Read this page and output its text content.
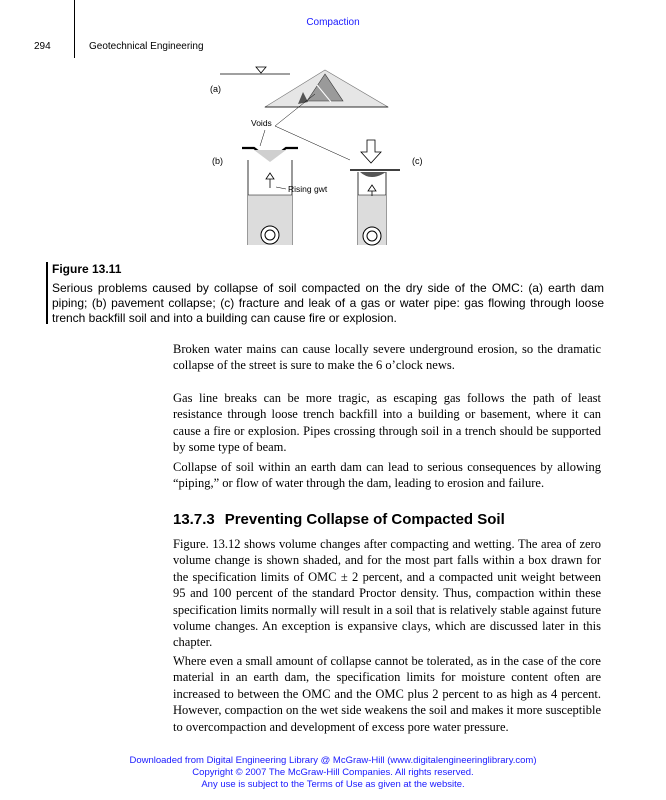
Compaction
294	Geotechnical Engineering
(a)
Voids
(b)
Rising gwt
(c)
Figure 13.11
Serious problems caused by collapse of soil compacted on the dry side of the OMC: (a) earth dam piping; (b) pavement collapse; (c) fracture and leak of a gas or water pipe: gas flowing through loose trench backfill soil and into a building can cause fire or explosion.

Broken water mains can cause locally severe underground erosion, so the dramatic collapse of the street is sure to make the 6 o’clock news.

Gas line breaks can be more tragic, as escaping gas follows the path of least resistance through loose trench backfill into a building or basement, where it can cause a fire or explosion. Pipes crossing through soil in a trench should be supported by some type of beam.

Collapse of soil within an earth dam can lead to serious consequences by allowing “piping,” or flow of water through the dam, leading to erosion and failure.

13.7.3 Preventing Collapse of Compacted Soil

Figure. 13.12 shows volume changes after compacting and wetting. The area of zero volume change is shown shaded, and for the most part falls within a box drawn for the specification limits of OMC ± 2 percent, and a compacted unit weight between 95 and 100 percent of the standard Proctor density. Thus, compaction within these specification limits normally will result in a soil that is relatively stable against future volume changes. An exception is expansive clays, which are discussed later in this chapter.

Where even a small amount of collapse cannot be tolerated, as in the case of the core material in an earth dam, the specification limits for moisture content often are increased to between the OMC and the OMC plus 2 percent to as high as 4 percent. However, compaction on the wet side weakens the soil and makes it more susceptible to overcompaction and development of excess pore water pressure.

Downloaded from Digital Engineering Library @ McGraw-Hill (www.digitalengineeringlibrary.com)
Copyright © 2007 The McGraw-Hill Companies. All rights reserved.
Any use is subject to the Terms of Use as given at the website.
